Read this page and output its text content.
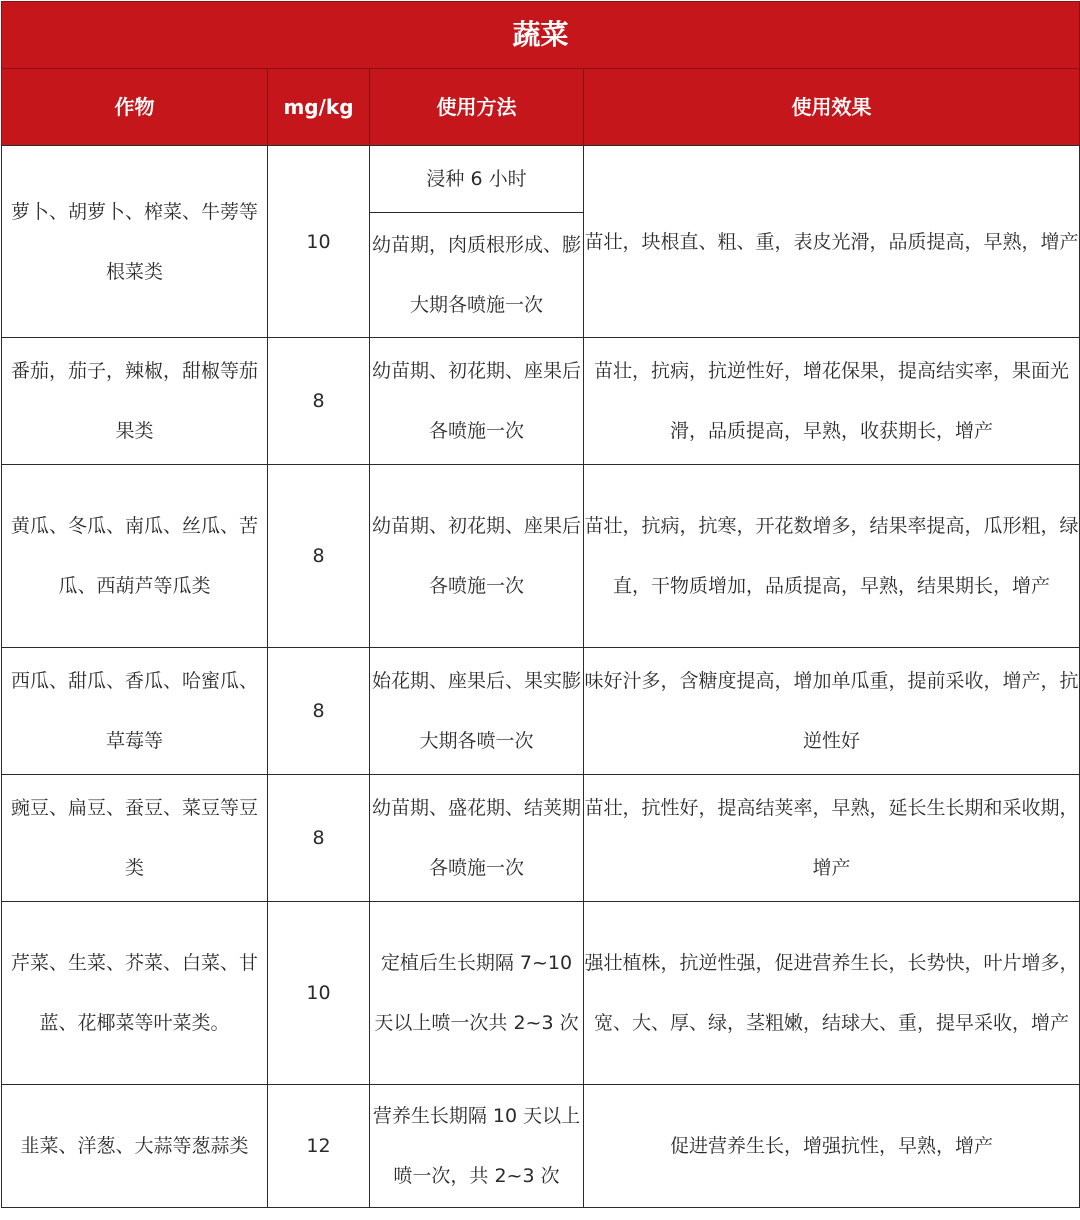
蔬菜			
作物	mg/kg	使用方法	使用效果
萝卜、胡萝卜、榨菜、牛蒡等根菜类	10	浸种 6 小时	苗壮，块根直、粗、重，表皮光滑，品质提高，早熟，增产
		幼苗期，肉质根形成、膨大期各喷施一次	
番茄，茄子，辣椒，甜椒等茄果类	8	幼苗期、初花期、座果后各喷施一次	苗壮，抗病，抗逆性好，增花保果，提高结实率，果面光滑，品质提高，早熟，收获期长，增产
黄瓜、冬瓜、南瓜、丝瓜、苦瓜、西葫芦等瓜类	8	幼苗期、初花期、座果后各喷施一次	苗壮，抗病，抗寒，开花数增多，结果率提高，瓜形粗，绿直，干物质增加，品质提高，早熟，结果期长，增产
西瓜、甜瓜、香瓜、哈蜜瓜、草莓等	8	始花期、座果后、果实膨大期各喷一次	味好汁多，含糖度提高，增加单瓜重，提前采收，增产，抗逆性好
豌豆、扁豆、蚕豆、菜豆等豆类	8	幼苗期、盛花期、结荚期各喷施一次	苗壮，抗性好，提高结荚率，早熟，延长生长期和采收期，增产
芹菜、生菜、芥菜、白菜、甘蓝、花椰菜等叶菜类。	10	定植后生长期隔 7~10 天以上喷一次共 2~3 次	强壮植株，抗逆性强，促进营养生长，长势快，叶片增多，宽、大、厚、绿，茎粗嫩，结球大、重，提早采收，增产
韭菜、洋葱、大蒜等葱蒜类	12	营养生长期隔 10 天以上喷一次，共 2~3 次	促进营养生长，增强抗性，早熟，增产
